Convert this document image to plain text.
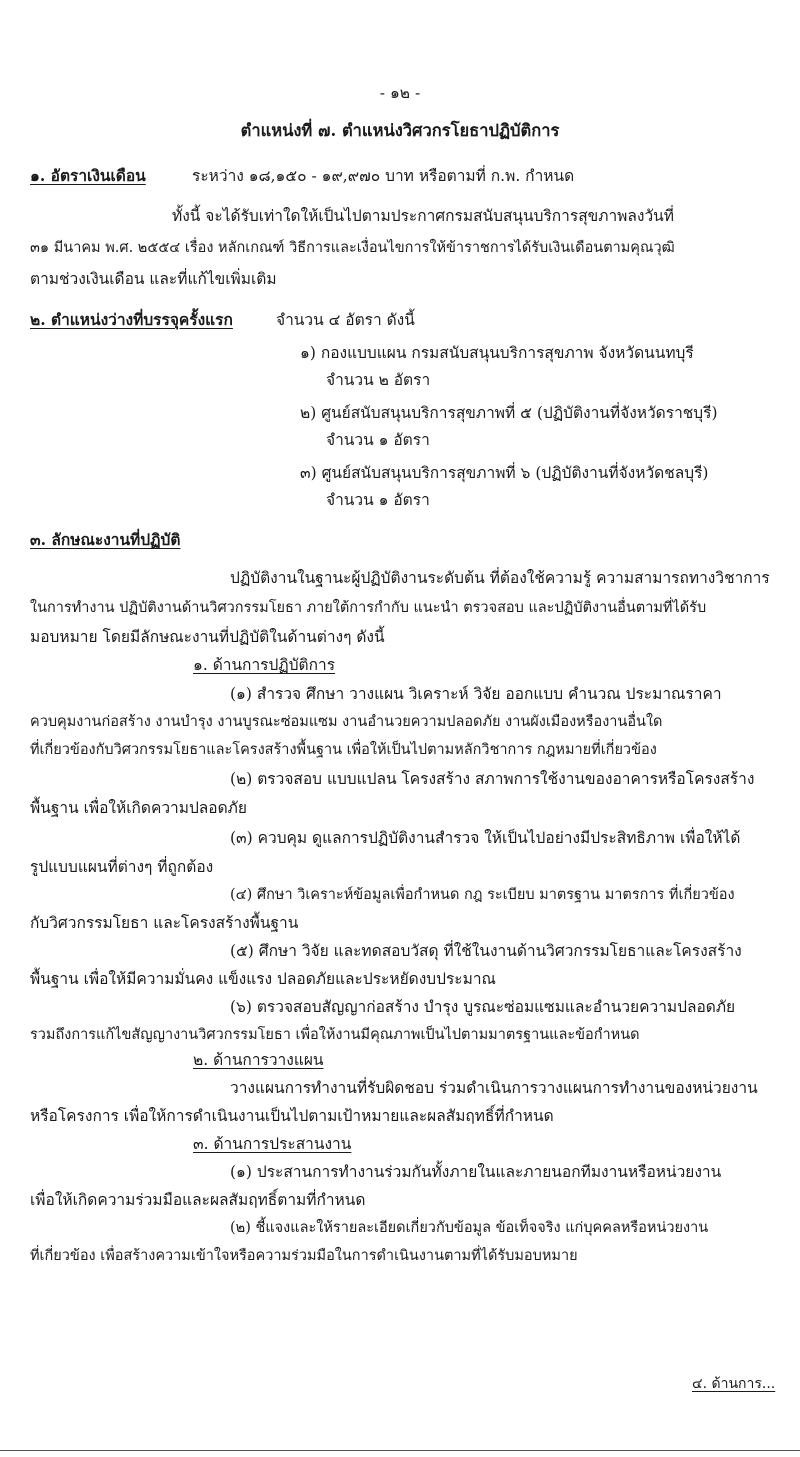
- ๑๒ -
ตำแหน่งที่ ๗. ตำแหน่งวิศวกรโยธาปฏิบัติการ
๑. อัตราเงินเดือน	ระหว่าง ๑๘,๑๕๐ - ๑๙,๙๗๐ บาท หรือตามที่ ก.พ. กำหนด
ทั้งนี้ จะได้รับเท่าใดให้เป็นไปตามประกาศกรมสนับสนุนบริการสุขภาพลงวันที่
๓๑ มีนาคม พ.ศ. ๒๕๕๔ เรื่อง หลักเกณฑ์ วิธีการและเงื่อนไขการให้ข้าราชการได้รับเงินเดือนตามคุณวุฒิ
ตามช่วงเงินเดือน และที่แก้ไขเพิ่มเติม
๒. ตำแหน่งว่างที่บรรจุครั้งแรก	จำนวน ๔ อัตรา ดังนี้
๑) กองแบบแผน กรมสนับสนุนบริการสุขภาพ จังหวัดนนทบุรี
จำนวน ๒ อัตรา
๒) ศูนย์สนับสนุนบริการสุขภาพที่ ๕ (ปฏิบัติงานที่จังหวัดราชบุรี)
จำนวน ๑ อัตรา
๓) ศูนย์สนับสนุนบริการสุขภาพที่ ๖ (ปฏิบัติงานที่จังหวัดชลบุรี)
จำนวน ๑ อัตรา
๓. ลักษณะงานที่ปฏิบัติ
ปฏิบัติงานในฐานะผู้ปฏิบัติงานระดับต้น ที่ต้องใช้ความรู้ ความสามารถทางวิชาการ
ในการทำงาน ปฏิบัติงานด้านวิศวกรรมโยธา ภายใต้การกำกับ แนะนำ ตรวจสอบ และปฏิบัติงานอื่นตามที่ได้รับ
มอบหมาย โดยมีลักษณะงานที่ปฏิบัติในด้านต่างๆ ดังนี้
๑. ด้านการปฏิบัติการ
(๑) สำรวจ ศึกษา วางแผน วิเคราะห์ วิจัย ออกแบบ คำนวณ ประมาณราคา
ควบคุมงานก่อสร้าง งานบำรุง งานบูรณะซ่อมแซม งานอำนวยความปลอดภัย งานผังเมืองหรืองานอื่นใด
ที่เกี่ยวข้องกับวิศวกรรมโยธาและโครงสร้างพื้นฐาน เพื่อให้เป็นไปตามหลักวิชาการ กฎหมายที่เกี่ยวข้อง
(๒) ตรวจสอบ แบบแปลน โครงสร้าง สภาพการใช้งานของอาคารหรือโครงสร้าง
พื้นฐาน เพื่อให้เกิดความปลอดภัย
(๓) ควบคุม ดูแลการปฏิบัติงานสำรวจ ให้เป็นไปอย่างมีประสิทธิภาพ เพื่อให้ได้
รูปแบบแผนที่ต่างๆ ที่ถูกต้อง
(๔) ศึกษา วิเคราะห์ข้อมูลเพื่อกำหนด กฎ ระเบียบ มาตรฐาน มาตรการ ที่เกี่ยวข้อง
กับวิศวกรรมโยธา และโครงสร้างพื้นฐาน
(๕) ศึกษา วิจัย และทดสอบวัสดุ ที่ใช้ในงานด้านวิศวกรรมโยธาและโครงสร้าง
พื้นฐาน เพื่อให้มีความมั่นคง แข็งแรง ปลอดภัยและประหยัดงบประมาณ
(๖) ตรวจสอบสัญญาก่อสร้าง บำรุง บูรณะซ่อมแซมและอำนวยความปลอดภัย
รวมถึงการแก้ไขสัญญางานวิศวกรรมโยธา เพื่อให้งานมีคุณภาพเป็นไปตามมาตรฐานและข้อกำหนด
๒. ด้านการวางแผน
วางแผนการทำงานที่รับผิดชอบ ร่วมดำเนินการวางแผนการทำงานของหน่วยงาน
หรือโครงการ เพื่อให้การดำเนินงานเป็นไปตามเป้าหมายและผลสัมฤทธิ์ที่กำหนด
๓. ด้านการประสานงาน
(๑) ประสานการทำงานร่วมกันทั้งภายในและภายนอกทีมงานหรือหน่วยงาน
เพื่อให้เกิดความร่วมมือและผลสัมฤทธิ์ตามที่กำหนด
(๒) ชี้แจงและให้รายละเอียดเกี่ยวกับข้อมูล ข้อเท็จจริง แก่บุคคลหรือหน่วยงาน
ที่เกี่ยวข้อง เพื่อสร้างความเข้าใจหรือความร่วมมือในการดำเนินงานตามที่ได้รับมอบหมาย
๔. ด้านการ...
